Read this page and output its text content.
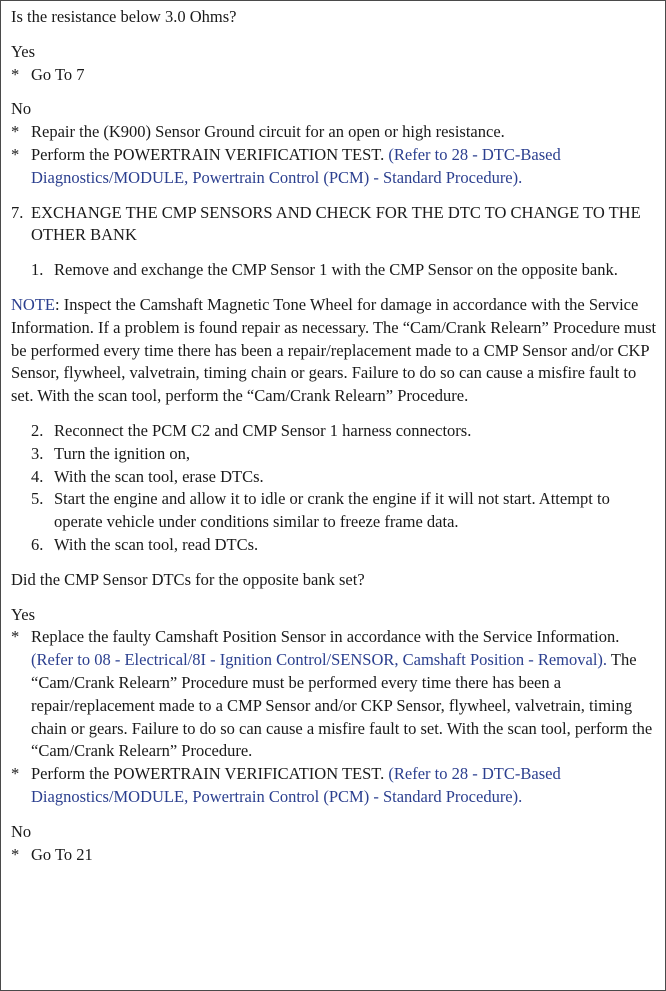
Is the resistance below 3.0 Ohms?

Yes

* Go To 7

No

* Repair the (K900) Sensor Ground circuit for an open or high resistance.

* Perform the POWERTRAIN VERIFICATION TEST. (Refer to 28 - DTC-Based Diagnostics/MODULE, Powertrain Control (PCM) - Standard Procedure).

7. EXCHANGE THE CMP SENSORS AND CHECK FOR THE DTC TO CHANGE TO THE OTHER BANK

1. Remove and exchange the CMP Sensor 1 with the CMP Sensor on the opposite bank.

NOTE: Inspect the Camshaft Magnetic Tone Wheel for damage in accordance with the Service Information. If a problem is found repair as necessary. The “Cam/Crank Relearn” Procedure must be performed every time there has been a repair/replacement made to a CMP Sensor and/or CKP Sensor, flywheel, valvetrain, timing chain or gears. Failure to do so can cause a misfire fault to set. With the scan tool, perform the “Cam/Crank Relearn” Procedure.

2. Reconnect the PCM C2 and CMP Sensor 1 harness connectors.

3. Turn the ignition on,

4. With the scan tool, erase DTCs.

5. Start the engine and allow it to idle or crank the engine if it will not start. Attempt to operate vehicle under conditions similar to freeze frame data.

6. With the scan tool, read DTCs.

Did the CMP Sensor DTCs for the opposite bank set?

Yes

* Replace the faulty Camshaft Position Sensor in accordance with the Service Information. (Refer to 08 - Electrical/8I - Ignition Control/SENSOR, Camshaft Position - Removal). The “Cam/Crank Relearn” Procedure must be performed every time there has been a repair/replacement made to a CMP Sensor and/or CKP Sensor, flywheel, valvetrain, timing chain or gears. Failure to do so can cause a misfire fault to set. With the scan tool, perform the “Cam/Crank Relearn” Procedure.

* Perform the POWERTRAIN VERIFICATION TEST. (Refer to 28 - DTC-Based Diagnostics/MODULE, Powertrain Control (PCM) - Standard Procedure).

No

* Go To 21
